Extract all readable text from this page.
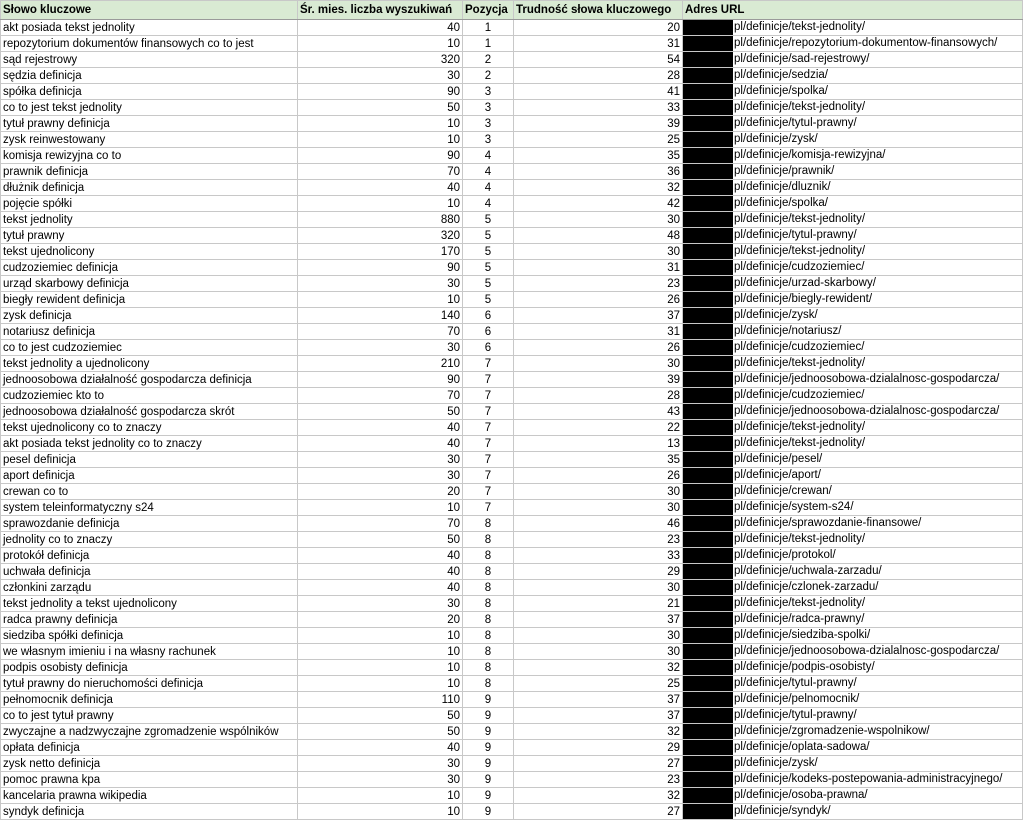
Słowo kluczowe	Śr. mies. liczba wyszukiwań	Pozycja	Trudność słowa kluczowego	Adres URL
akt posiada tekst jednolity	40	1	20	pl/definicje/tekst-jednolity/
repozytorium dokumentów finansowych co to jest	10	1	31	pl/definicje/repozytorium-dokumentow-finansowych/
sąd rejestrowy	320	2	54	pl/definicje/sad-rejestrowy/
sędzia definicja	30	2	28	pl/definicje/sedzia/
spółka definicja	90	3	41	pl/definicje/spolka/
co to jest tekst jednolity	50	3	33	pl/definicje/tekst-jednolity/
tytuł prawny definicja	10	3	39	pl/definicje/tytul-prawny/
zysk reinwestowany	10	3	25	pl/definicje/zysk/
komisja rewizyjna co to	90	4	35	pl/definicje/komisja-rewizyjna/
prawnik definicja	70	4	36	pl/definicje/prawnik/
dłużnik definicja	40	4	32	pl/definicje/dluznik/
pojęcie spółki	10	4	42	pl/definicje/spolka/
tekst jednolity	880	5	30	pl/definicje/tekst-jednolity/
tytuł prawny	320	5	48	pl/definicje/tytul-prawny/
tekst ujednolicony	170	5	30	pl/definicje/tekst-jednolity/
cudzoziemiec definicja	90	5	31	pl/definicje/cudzoziemiec/
urząd skarbowy definicja	30	5	23	pl/definicje/urzad-skarbowy/
biegły rewident definicja	10	5	26	pl/definicje/biegly-rewident/
zysk definicja	140	6	37	pl/definicje/zysk/
notariusz definicja	70	6	31	pl/definicje/notariusz/
co to jest cudzoziemiec	30	6	26	pl/definicje/cudzoziemiec/
tekst jednolity a ujednolicony	210	7	30	pl/definicje/tekst-jednolity/
jednoosobowa działalność gospodarcza definicja	90	7	39	pl/definicje/jednoosobowa-dzialalnosc-gospodarcza/
cudzoziemiec kto to	70	7	28	pl/definicje/cudzoziemiec/
jednoosobowa działalność gospodarcza skrót	50	7	43	pl/definicje/jednoosobowa-dzialalnosc-gospodarcza/
tekst ujednolicony co to znaczy	40	7	22	pl/definicje/tekst-jednolity/
akt posiada tekst jednolity co to znaczy	40	7	13	pl/definicje/tekst-jednolity/
pesel definicja	30	7	35	pl/definicje/pesel/
aport definicja	30	7	26	pl/definicje/aport/
crewan co to	20	7	30	pl/definicje/crewan/
system teleinformatyczny s24	10	7	30	pl/definicje/system-s24/
sprawozdanie definicja	70	8	46	pl/definicje/sprawozdanie-finansowe/
jednolity co to znaczy	50	8	23	pl/definicje/tekst-jednolity/
protokół definicja	40	8	33	pl/definicje/protokol/
uchwała definicja	40	8	29	pl/definicje/uchwala-zarzadu/
członkini zarządu	40	8	30	pl/definicje/czlonek-zarzadu/
tekst jednolity a tekst ujednolicony	30	8	21	pl/definicje/tekst-jednolity/
radca prawny definicja	20	8	37	pl/definicje/radca-prawny/
siedziba spółki definicja	10	8	30	pl/definicje/siedziba-spolki/
we własnym imieniu i na własny rachunek	10	8	30	pl/definicje/jednoosobowa-dzialalnosc-gospodarcza/
podpis osobisty definicja	10	8	32	pl/definicje/podpis-osobisty/
tytuł prawny do nieruchomości definicja	10	8	25	pl/definicje/tytul-prawny/
pełnomocnik definicja	110	9	37	pl/definicje/pelnomocnik/
co to jest tytuł prawny	50	9	37	pl/definicje/tytul-prawny/
zwyczajne a nadzwyczajne zgromadzenie wspólników	50	9	32	pl/definicje/zgromadzenie-wspolnikow/
opłata definicja	40	9	29	pl/definicje/oplata-sadowa/
zysk netto definicja	30	9	27	pl/definicje/zysk/
pomoc prawna kpa	30	9	23	pl/definicje/kodeks-postepowania-administracyjnego/
kancelaria prawna wikipedia	10	9	32	pl/definicje/osoba-prawna/
syndyk definicja	10	9	27	pl/definicje/syndyk/
